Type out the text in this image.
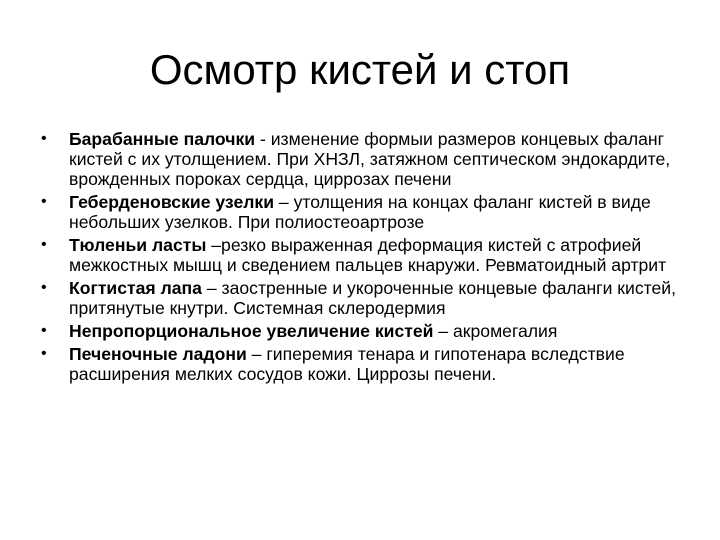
Осмотр кистей и стоп
• Барабанные палочки - изменение формыи размеров концевых фаланг кистей с их утолщением. При ХНЗЛ, затяжном септическом эндокардите, врожденных пороках сердца, циррозах печени
• Геберденовские узелки – утолщения на концах фаланг кистей в виде небольших узелков. При полиостеоартрозе
• Тюленьи ласты –резко выраженная деформация кистей с атрофией межкостных мышц и сведением пальцев кнаружи. Ревматоидный артрит
• Когтистая лапа – заостренные и укороченные концевые фаланги кистей, притянутые кнутри. Системная склеродермия
• Непропорциональное увеличение кистей – акромегалия
• Печеночные ладони – гиперемия тенара и гипотенара вследствие расширения мелких сосудов кожи. Циррозы печени.
